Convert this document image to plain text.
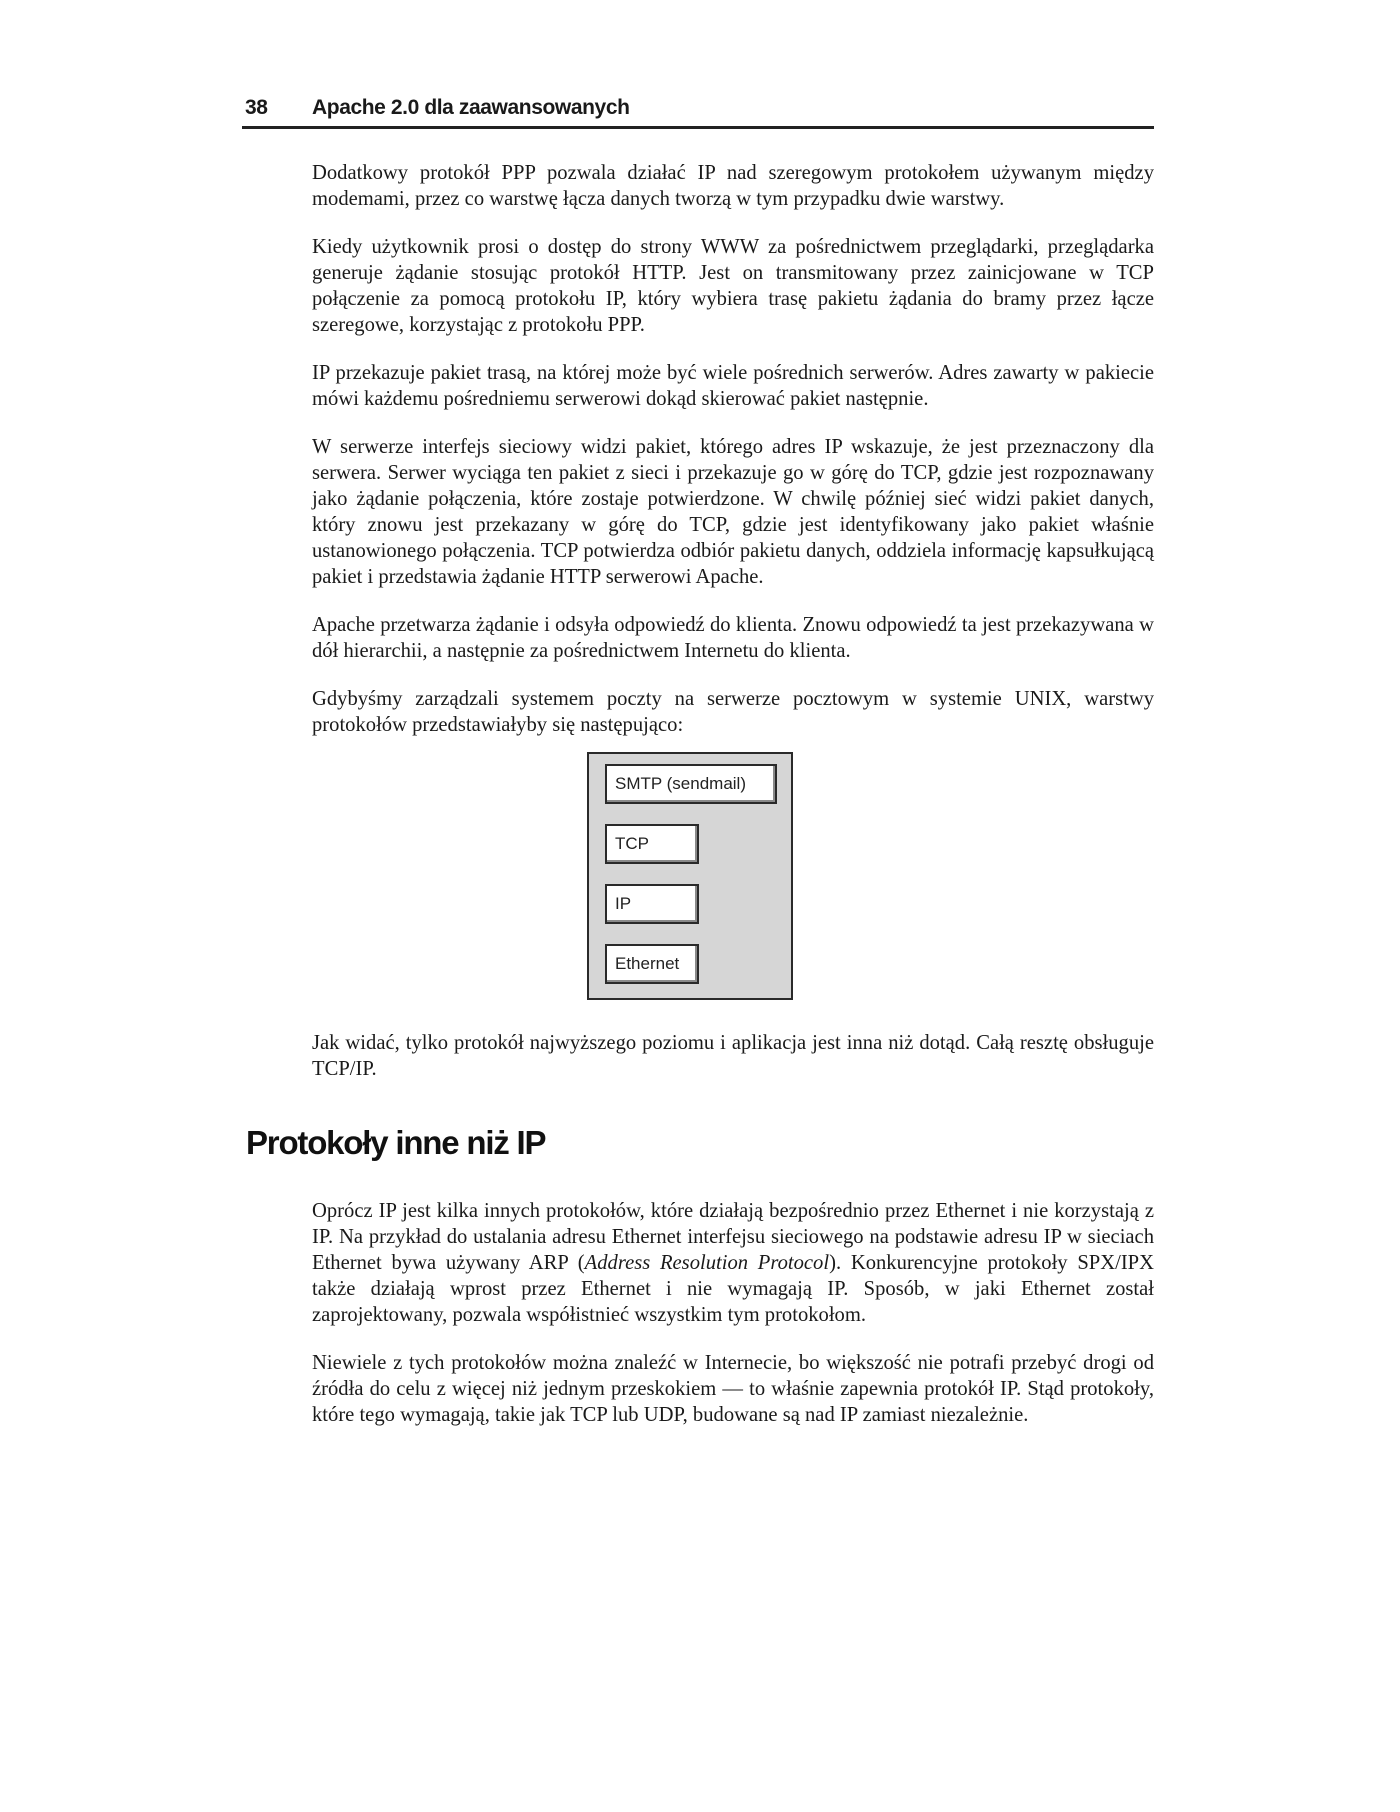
38 Apache 2.0 dla zaawansowanych

Dodatkowy protokół PPP pozwala działać IP nad szeregowym protokołem używanym między modemami, przez co warstwę łącza danych tworzą w tym przypadku dwie warstwy.

Kiedy użytkownik prosi o dostęp do strony WWW za pośrednictwem przeglądarki, przeglądarka generuje żądanie stosując protokół HTTP. Jest on transmitowany przez zainicjowane w TCP połączenie za pomocą protokołu IP, który wybiera trasę pakietu żądania do bramy przez łącze szeregowe, korzystając z protokołu PPP.

IP przekazuje pakiet trasą, na której może być wiele pośrednich serwerów. Adres zawarty w pakiecie mówi każdemu pośredniemu serwerowi dokąd skierować pakiet następnie.

W serwerze interfejs sieciowy widzi pakiet, którego adres IP wskazuje, że jest przeznaczony dla serwera. Serwer wyciąga ten pakiet z sieci i przekazuje go w górę do TCP, gdzie jest rozpoznawany jako żądanie połączenia, które zostaje potwierdzone. W chwilę później sieć widzi pakiet danych, który znowu jest przekazany w górę do TCP, gdzie jest identyfikowany jako pakiet właśnie ustanowionego połączenia. TCP potwierdza odbiór pakietu danych, oddziela informację kapsułkującą pakiet i przedstawia żądanie HTTP serwerowi Apache.

Apache przetwarza żądanie i odsyła odpowiedź do klienta. Znowu odpowiedź ta jest przekazywana w dół hierarchii, a następnie za pośrednictwem Internetu do klienta.

Gdybyśmy zarządzali systemem poczty na serwerze pocztowym w systemie UNIX, warstwy protokołów przedstawiałyby się następująco:

SMTP (sendmail)
TCP
IP
Ethernet

Jak widać, tylko protokół najwyższego poziomu i aplikacja jest inna niż dotąd. Całą resztę obsługuje TCP/IP.

Protokoły inne niż IP

Oprócz IP jest kilka innych protokołów, które działają bezpośrednio przez Ethernet i nie korzystają z IP. Na przykład do ustalania adresu Ethernet interfejsu sieciowego na podstawie adresu IP w sieciach Ethernet bywa używany ARP (Address Resolution Protocol). Konkurencyjne protokoły SPX/IPX także działają wprost przez Ethernet i nie wymagają IP. Sposób, w jaki Ethernet został zaprojektowany, pozwala współistnieć wszystkim tym protokołom.

Niewiele z tych protokołów można znaleźć w Internecie, bo większość nie potrafi przebyć drogi od źródła do celu z więcej niż jednym przeskokiem — to właśnie zapewnia protokół IP. Stąd protokoły, które tego wymagają, takie jak TCP lub UDP, budowane są nad IP zamiast niezależnie.
